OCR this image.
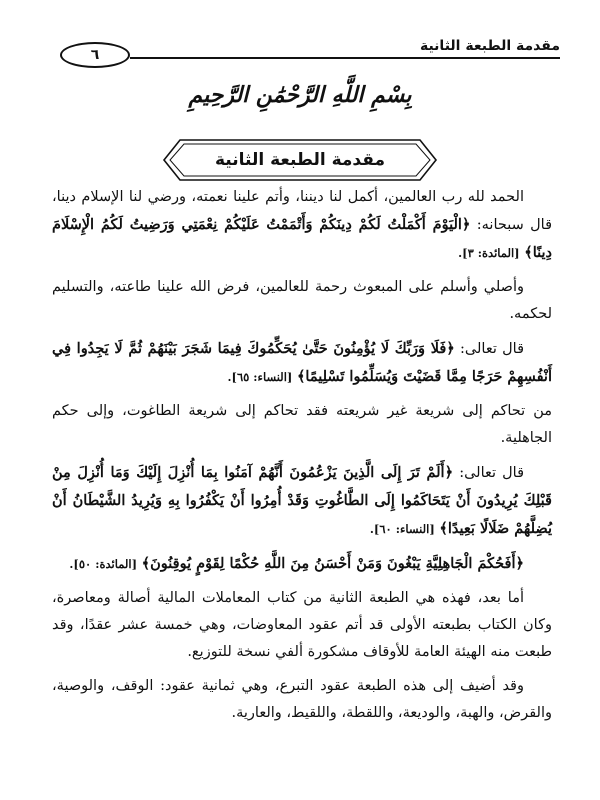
مقدمة الطبعة الثانية
٦
بِسْمِ اللَّهِ الرَّحْمَٰنِ الرَّحِيمِ
مقدمة الطبعة الثانية

الحمد لله رب العالمين، أكمل لنا ديننا، وأتم علينا نعمته، ورضي لنا الإسلام دينا، قال سبحانه: ﴿الْيَوْمَ أَكْمَلْتُ لَكُمْ دِينَكُمْ وَأَتْمَمْتُ عَلَيْكُمْ نِعْمَتِي وَرَضِيتُ لَكُمُ الْإِسْلَامَ دِينًا﴾ [المائدة: ٣].

وأصلي وأسلم على المبعوث رحمة للعالمين، فرض الله علينا طاعته، والتسليم لحكمه.

قال تعالى: ﴿فَلَا وَرَبِّكَ لَا يُؤْمِنُونَ حَتَّىٰ يُحَكِّمُوكَ فِيمَا شَجَرَ بَيْنَهُمْ ثُمَّ لَا يَجِدُوا فِي أَنْفُسِهِمْ حَرَجًا مِمَّا قَضَيْتَ وَيُسَلِّمُوا تَسْلِيمًا﴾ [النساء: ٦٥].

من تحاكم إلى شريعة غير شريعته فقد تحاكم إلى شريعة الطاغوت، وإلى حكم الجاهلية.

قال تعالى: ﴿أَلَمْ تَرَ إِلَى الَّذِينَ يَزْعُمُونَ أَنَّهُمْ آمَنُوا بِمَا أُنْزِلَ إِلَيْكَ وَمَا أُنْزِلَ مِنْ قَبْلِكَ يُرِيدُونَ أَنْ يَتَحَاكَمُوا إِلَى الطَّاغُوتِ وَقَدْ أُمِرُوا أَنْ يَكْفُرُوا بِهِ وَيُرِيدُ الشَّيْطَانُ أَنْ يُضِلَّهُمْ ضَلَالًا بَعِيدًا﴾ [النساء: ٦٠].

﴿أَفَحُكْمَ الْجَاهِلِيَّةِ يَبْغُونَ وَمَنْ أَحْسَنُ مِنَ اللَّهِ حُكْمًا لِقَوْمٍ يُوقِنُونَ﴾ [المائدة: ٥٠].

أما بعد، فهذه هي الطبعة الثانية من كتاب المعاملات المالية أصالة ومعاصرة، وكان الكتاب بطبعته الأولى قد أتم عقود المعاوضات، وهي خمسة عشر عقدًا، وقد طبعت منه الهيئة العامة للأوقاف مشكورة ألفي نسخة للتوزيع.

وقد أضيف إلى هذه الطبعة عقود التبرع، وهي ثمانية عقود: الوقف، والوصية، والقرض، والهبة، والوديعة، واللقطة، واللقيط، والعارية.
